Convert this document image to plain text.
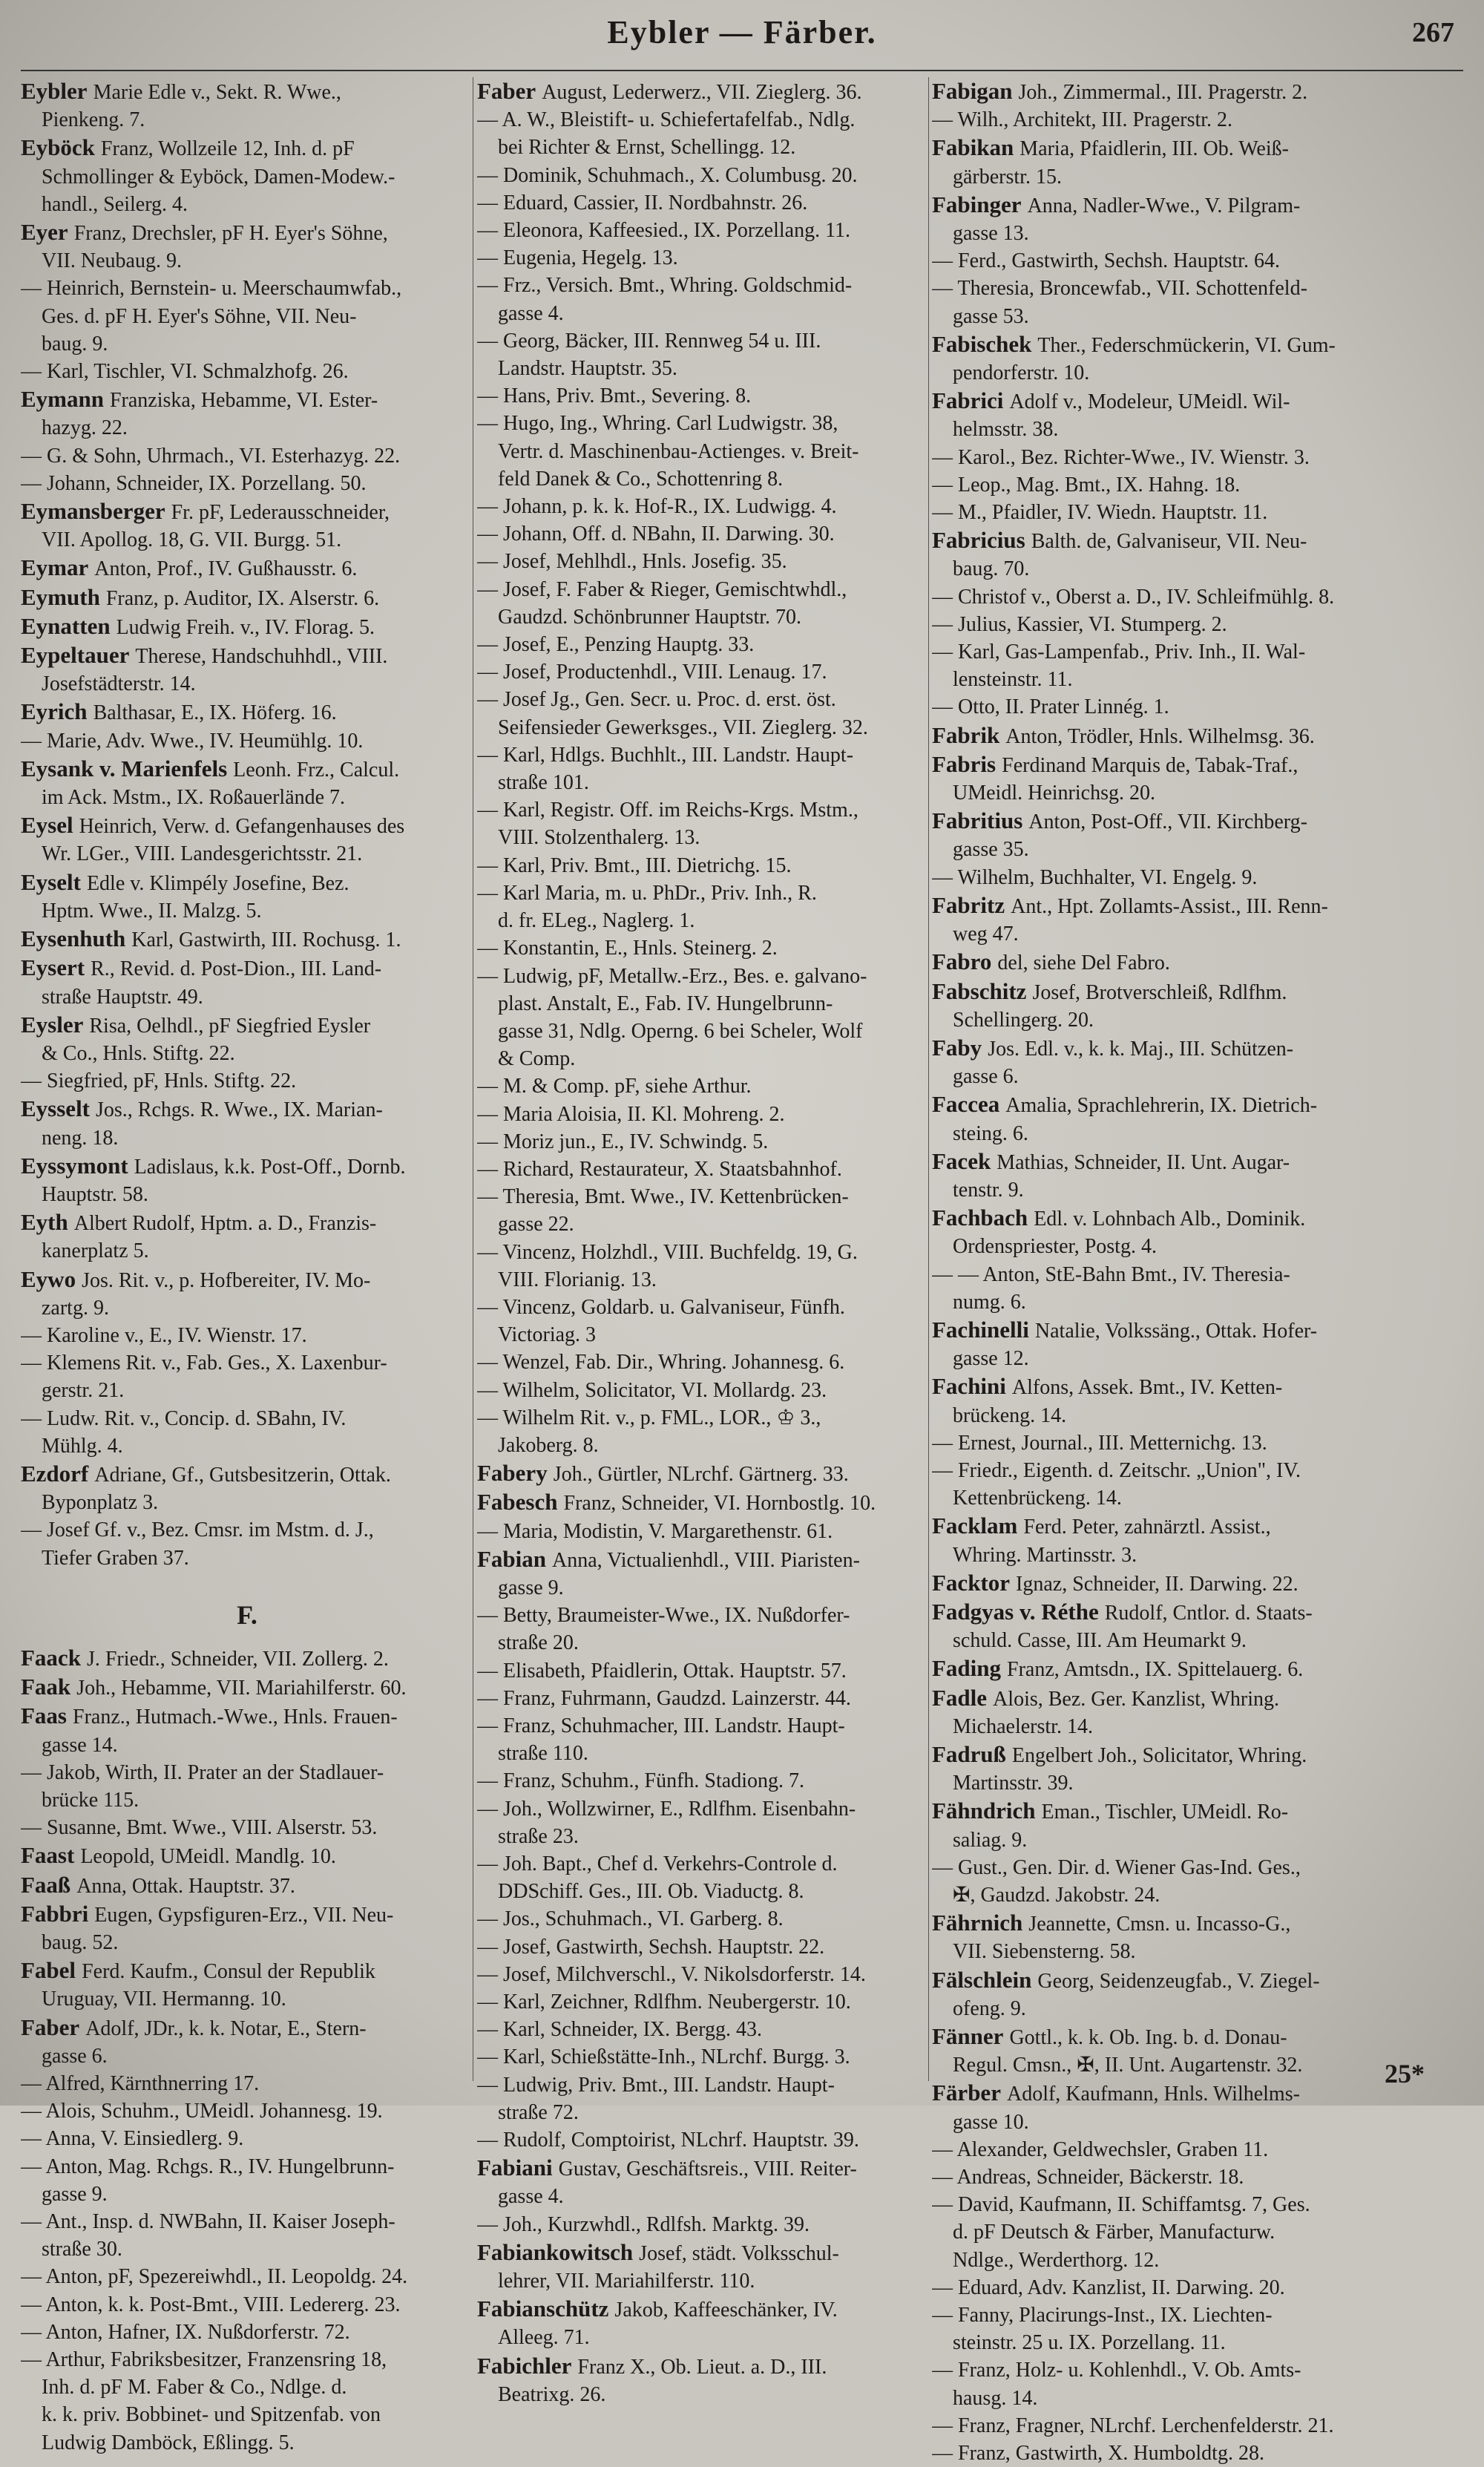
Eybler — Färber.	267
Eybler Marie Edle v., Sekt. R. Wwe.,
Pienkeng. 7.
Eyböck Franz, Wollzeile 12, Inh. d. pF
Schmollinger & Eyböck, Damen-Modew.-
handl., Seilerg. 4.
Eyer Franz, Drechsler, pF H. Eyer's Söhne,
VII. Neubaug. 9.
— Heinrich, Bernstein- u. Meerschaumwfab.,
Ges. d. pF H. Eyer's Söhne, VII. Neu-
baug. 9.
— Karl, Tischler, VI. Schmalzhofg. 26.
Eymann Franziska, Hebamme, VI. Ester-
hazyg. 22.
— G. & Sohn, Uhrmach., VI. Esterhazyg. 22.
— Johann, Schneider, IX. Porzellang. 50.
Eymansberger Fr. pF, Lederausschneider,
VII. Apollog. 18, G. VII. Burgg. 51.
Eymar Anton, Prof., IV. Gußhausstr. 6.
Eymuth Franz, p. Auditor, IX. Alserstr. 6.
Eynatten Ludwig Freih. v., IV. Florag. 5.
Eypeltauer Therese, Handschuhhdl., VIII.
Josefstädterstr. 14.
Eyrich Balthasar, E., IX. Höferg. 16.
— Marie, Adv. Wwe., IV. Heumühlg. 10.
Eysank v. Marienfels Leonh. Frz., Calcul.
im Ack. Mstm., IX. Roßauerlände 7.
Eysel Heinrich, Verw. d. Gefangenhauses des
Wr. LGer., VIII. Landesgerichtsstr. 21.
Eyselt Edle v. Klimpély Josefine, Bez.
Hptm. Wwe., II. Malzg. 5.
Eysenhuth Karl, Gastwirth, III. Rochusg. 1.
Eysert R., Revid. d. Post-Dion., III. Land-
straße Hauptstr. 49.
Eysler Risa, Oelhdl., pF Siegfried Eysler
& Co., Hnls. Stiftg. 22.
— Siegfried, pF, Hnls. Stiftg. 22.
Eysselt Jos., Rchgs. R. Wwe., IX. Marian-
neng. 18.
Eyssymont Ladislaus, k.k. Post-Off., Dornb.
Hauptstr. 58.
Eyth Albert Rudolf, Hptm. a. D., Franzis-
kanerplatz 5.
Eywo Jos. Rit. v., p. Hofbereiter, IV. Mo-
zartg. 9.
— Karoline v., E., IV. Wienstr. 17.
— Klemens Rit. v., Fab. Ges., X. Laxenbur-
gerstr. 21.
— Ludw. Rit. v., Concip. d. SBahn, IV.
Mühlg. 4.
Ezdorf Adriane, Gf., Gutsbesitzerin, Ottak.
Byponplatz 3.
— Josef Gf. v., Bez. Cmsr. im Mstm. d. J.,
Tiefer Graben 37.
F.
Faack J. Friedr., Schneider, VII. Zollerg. 2.
Faak Joh., Hebamme, VII. Mariahilferstr. 60.
Faas Franz., Hutmach.-Wwe., Hnls. Frauen-
gasse 14.
— Jakob, Wirth, II. Prater an der Stadlauer-
brücke 115.
— Susanne, Bmt. Wwe., VIII. Alserstr. 53.
Faast Leopold, UMeidl. Mandlg. 10.
Faaß Anna, Ottak. Hauptstr. 37.
Fabbri Eugen, Gypsfiguren-Erz., VII. Neu-
baug. 52.
Fabel Ferd. Kaufm., Consul der Republik
Uruguay, VII. Hermanng. 10.
Faber Adolf, JDr., k. k. Notar, E., Stern-
gasse 6.
— Alfred, Kärnthnerring 17.
— Alois, Schuhm., UMeidl. Johannesg. 19.
— Anna, V. Einsiedlerg. 9.
— Anton, Mag. Rchgs. R., IV. Hungelbrunn-
gasse 9.
— Ant., Insp. d. NWBahn, II. Kaiser Joseph-
straße 30.
— Anton, pF, Spezereiwhdl., II. Leopoldg. 24.
— Anton, k. k. Post-Bmt., VIII. Ledererg. 23.
— Anton, Hafner, IX. Nußdorferstr. 72.
— Arthur, Fabriksbesitzer, Franzensring 18,
Inh. d. pF M. Faber & Co., Ndlge. d.
k. k. priv. Bobbinet- und Spitzenfab. von
Ludwig Damböck, Eßlingg. 5.
Faber August, Lederwerz., VII. Zieglerg. 36.
— A. W., Bleistift- u. Schiefertafelfab., Ndlg.
bei Richter & Ernst, Schellingg. 12.
— Dominik, Schuhmach., X. Columbusg. 20.
— Eduard, Cassier, II. Nordbahnstr. 26.
— Eleonora, Kaffeesied., IX. Porzellang. 11.
— Eugenia, Hegelg. 13.
— Frz., Versich. Bmt., Whring. Goldschmid-
gasse 4.
— Georg, Bäcker, III. Rennweg 54 u. III.
Landstr. Hauptstr. 35.
— Hans, Priv. Bmt., Severing. 8.
— Hugo, Ing., Whring. Carl Ludwigstr. 38,
Vertr. d. Maschinenbau-Actienges. v. Breit-
feld Danek & Co., Schottenring 8.
— Johann, p. k. k. Hof-R., IX. Ludwigg. 4.
— Johann, Off. d. NBahn, II. Darwing. 30.
— Josef, Mehlhdl., Hnls. Josefig. 35.
— Josef, F. Faber & Rieger, Gemischtwhdl.,
Gaudzd. Schönbrunner Hauptstr. 70.
— Josef, E., Penzing Hauptg. 33.
— Josef, Productenhdl., VIII. Lenaug. 17.
— Josef Jg., Gen. Secr. u. Proc. d. erst. öst.
Seifensieder Gewerksges., VII. Zieglerg. 32.
— Karl, Hdlgs. Buchhlt., III. Landstr. Haupt-
straße 101.
— Karl, Registr. Off. im Reichs-Krgs. Mstm.,
VIII. Stolzenthalerg. 13.
— Karl, Priv. Bmt., III. Dietrichg. 15.
— Karl Maria, m. u. PhDr., Priv. Inh., R.
d. fr. ELeg., Naglerg. 1.
— Konstantin, E., Hnls. Steinerg. 2.
— Ludwig, pF, Metallw.-Erz., Bes. e. galvano-
plast. Anstalt, E., Fab. IV. Hungelbrunn-
gasse 31, Ndlg. Operng. 6 bei Scheler, Wolf
& Comp.
— M. & Comp. pF, siehe Arthur.
— Maria Aloisia, II. Kl. Mohreng. 2.
— Moriz jun., E., IV. Schwindg. 5.
— Richard, Restaurateur, X. Staatsbahnhof.
— Theresia, Bmt. Wwe., IV. Kettenbrücken-
gasse 22.
— Vincenz, Holzhdl., VIII. Buchfeldg. 19, G.
VIII. Florianig. 13.
— Vincenz, Goldarb. u. Galvaniseur, Fünfh.
Victoriag. 3
— Wenzel, Fab. Dir., Whring. Johannesg. 6.
— Wilhelm, Solicitator, VI. Mollardg. 23.
— Wilhelm Rit. v., p. FML., LOR., ♔ 3.,
Jakoberg. 8.
Fabery Joh., Gürtler, NLrchf. Gärtnerg. 33.
Fabesch Franz, Schneider, VI. Hornbostlg. 10.
— Maria, Modistin, V. Margarethenstr. 61.
Fabian Anna, Victualienhdl., VIII. Piaristen-
gasse 9.
— Betty, Braumeister-Wwe., IX. Nußdorfer-
straße 20.
— Elisabeth, Pfaidlerin, Ottak. Hauptstr. 57.
— Franz, Fuhrmann, Gaudzd. Lainzerstr. 44.
— Franz, Schuhmacher, III. Landstr. Haupt-
straße 110.
— Franz, Schuhm., Fünfh. Stadiong. 7.
— Joh., Wollzwirner, E., Rdlfhm. Eisenbahn-
straße 23.
— Joh. Bapt., Chef d. Verkehrs-Controle d.
DDSchiff. Ges., III. Ob. Viaductg. 8.
— Jos., Schuhmach., VI. Garberg. 8.
— Josef, Gastwirth, Sechsh. Hauptstr. 22.
— Josef, Milchverschl., V. Nikolsdorferstr. 14.
— Karl, Zeichner, Rdlfhm. Neubergerstr. 10.
— Karl, Schneider, IX. Bergg. 43.
— Karl, Schießstätte-Inh., NLrchf. Burgg. 3.
— Ludwig, Priv. Bmt., III. Landstr. Haupt-
straße 72.
— Rudolf, Comptoirist, NLchrf. Hauptstr. 39.
Fabiani Gustav, Geschäftsreis., VIII. Reiter-
gasse 4.
— Joh., Kurzwhdl., Rdlfsh. Marktg. 39.
Fabiankowitsch Josef, städt. Volksschul-
lehrer, VII. Mariahilferstr. 110.
Fabianschütz Jakob, Kaffeeschänker, IV.
Alleeg. 71.
Fabichler Franz X., Ob. Lieut. a. D., III.
Beatrixg. 26.
Fabigan Joh., Zimmermal., III. Pragerstr. 2.
— Wilh., Architekt, III. Pragerstr. 2.
Fabikan Maria, Pfaidlerin, III. Ob. Weiß-
gärberstr. 15.
Fabinger Anna, Nadler-Wwe., V. Pilgram-
gasse 13.
— Ferd., Gastwirth, Sechsh. Hauptstr. 64.
— Theresia, Broncewfab., VII. Schottenfeld-
gasse 53.
Fabischek Ther., Federschmückerin, VI. Gum-
pendorferstr. 10.
Fabrici Adolf v., Modeleur, UMeidl. Wil-
helmsstr. 38.
— Karol., Bez. Richter-Wwe., IV. Wienstr. 3.
— Leop., Mag. Bmt., IX. Hahng. 18.
— M., Pfaidler, IV. Wiedn. Hauptstr. 11.
Fabricius Balth. de, Galvaniseur, VII. Neu-
baug. 70.
— Christof v., Oberst a. D., IV. Schleifmühlg. 8.
— Julius, Kassier, VI. Stumperg. 2.
— Karl, Gas-Lampenfab., Priv. Inh., II. Wal-
lensteinstr. 11.
— Otto, II. Prater Linnég. 1.
Fabrik Anton, Trödler, Hnls. Wilhelmsg. 36.
Fabris Ferdinand Marquis de, Tabak-Traf.,
UMeidl. Heinrichsg. 20.
Fabritius Anton, Post-Off., VII. Kirchberg-
gasse 35.
— Wilhelm, Buchhalter, VI. Engelg. 9.
Fabritz Ant., Hpt. Zollamts-Assist., III. Renn-
weg 47.
Fabro del, siehe Del Fabro.
Fabschitz Josef, Brotverschleiß, Rdlfhm.
Schellingerg. 20.
Faby Jos. Edl. v., k. k. Maj., III. Schützen-
gasse 6.
Faccea Amalia, Sprachlehrerin, IX. Dietrich-
steing. 6.
Facek Mathias, Schneider, II. Unt. Augar-
tenstr. 9.
Fachbach Edl. v. Lohnbach Alb., Dominik.
Ordenspriester, Postg. 4.
— — Anton, StE-Bahn Bmt., IV. Theresia-
numg. 6.
Fachinelli Natalie, Volkssäng., Ottak. Hofer-
gasse 12.
Fachini Alfons, Assek. Bmt., IV. Ketten-
brückeng. 14.
— Ernest, Journal., III. Metternichg. 13.
— Friedr., Eigenth. d. Zeitschr. „Union", IV.
Kettenbrückeng. 14.
Facklam Ferd. Peter, zahnärztl. Assist.,
Whring. Martinsstr. 3.
Facktor Ignaz, Schneider, II. Darwing. 22.
Fadgyas v. Réthe Rudolf, Cntlor. d. Staats-
schuld. Casse, III. Am Heumarkt 9.
Fading Franz, Amtsdn., IX. Spittelauerg. 6.
Fadle Alois, Bez. Ger. Kanzlist, Whring.
Michaelerstr. 14.
Fadruß Engelbert Joh., Solicitator, Whring.
Martinsstr. 39.
Fähndrich Eman., Tischler, UMeidl. Ro-
saliag. 9.
— Gust., Gen. Dir. d. Wiener Gas-Ind. Ges.,
✠, Gaudzd. Jakobstr. 24.
Fährnich Jeannette, Cmsn. u. Incasso-G.,
VII. Siebensterng. 58.
Fälschlein Georg, Seidenzeugfab., V. Ziegel-
ofeng. 9.
Fänner Gottl., k. k. Ob. Ing. b. d. Donau-
Regul. Cmsn., ✠, II. Unt. Augartenstr. 32.
Färber Adolf, Kaufmann, Hnls. Wilhelms-
gasse 10.
— Alexander, Geldwechsler, Graben 11.
— Andreas, Schneider, Bäckerstr. 18.
— David, Kaufmann, II. Schiffamtsg. 7, Ges.
d. pF Deutsch & Färber, Manufacturw.
Ndlge., Werderthorg. 12.
— Eduard, Adv. Kanzlist, II. Darwing. 20.
— Fanny, Placirungs-Inst., IX. Liechten-
steinstr. 25 u. IX. Porzellang. 11.
— Franz, Holz- u. Kohlenhdl., V. Ob. Amts-
hausg. 14.
— Franz, Fragner, NLrchf. Lerchenfelderstr. 21.
— Franz, Gastwirth, X. Humboldtg. 28.
25*
